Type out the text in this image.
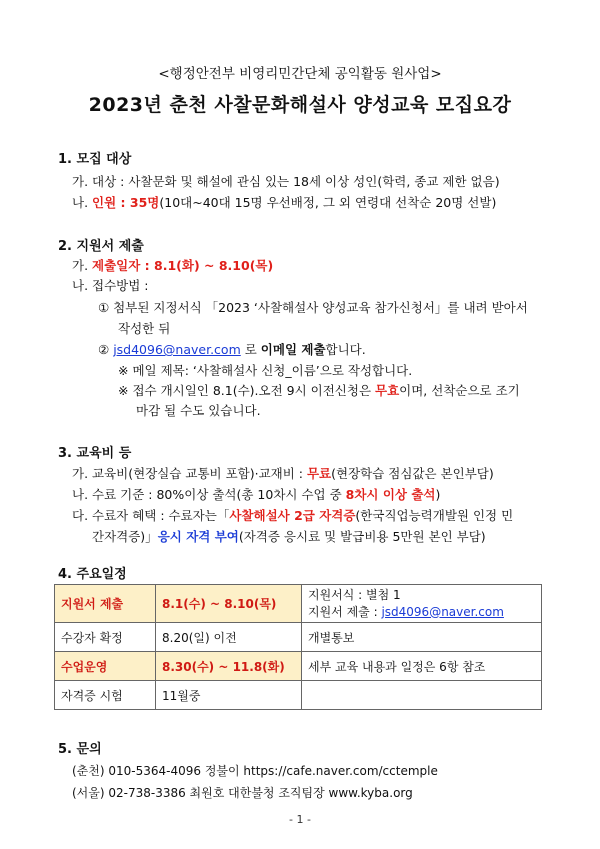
<행정안전부 비영리민간단체 공익활동 원사업>
2023년 춘천 사찰문화해설사 양성교육 모집요강
1. 모집 대상
가. 대상 : 사찰문화 및 해설에 관심 있는 18세 이상 성인(학력, 종교 제한 없음)
나. 인원 : 35명(10대~40대 15명 우선배정, 그 외 연령대 선착순 20명 선발)
2. 지원서 제출
가. 제출일자 : 8.1(화) ~ 8.10(목)
나. 접수방법 :
① 첨부된 지정서식 「2023 ‘사찰해설사 양성교육 참가신청서」를 내려 받아서
작성한 뒤
② jsd4096@naver.com 로 이메일 제출합니다.
※ 메일 제목: ‘사찰해설사 신청_이름’으로 작성합니다.
※ 접수 개시일인 8.1(수).오전 9시 이전신청은 무효이며, 선착순으로 조기
마감 될 수도 있습니다.
3. 교육비 등
가. 교육비(현장실습 교통비 포함)·교재비 : 무료(현장학습 점심값은 본인부담)
나. 수료 기준 : 80%이상 출석(총 10차시 수업 중 8차시 이상 출석)
다. 수료자 혜택 : 수료자는「사찰해설사 2급 자격증(한국직업능력개발원 인정 민
간자격증)」응시 자격 부여(자격증 응시료 및 발급비용 5만원 본인 부담)
4. 주요일정
지원서 제출	8.1(수) ~ 8.10(목)	지원서식 : 별첨 1
지원서 제출 : jsd4096@naver.com

수강자 확정	8.20(일) 이전	개별통보
수업운영	8.30(수) ~ 11.8(화)	세부 교육 내용과 일정은 6항 참조
자격증 시험	11월중	
5. 문의
(춘천) 010-5364-4096 정불이 https://cafe.naver.com/cctemple
(서울) 02-738-3386 최원호 대한불청 조직팀장 www.kyba.org
- 1 -
